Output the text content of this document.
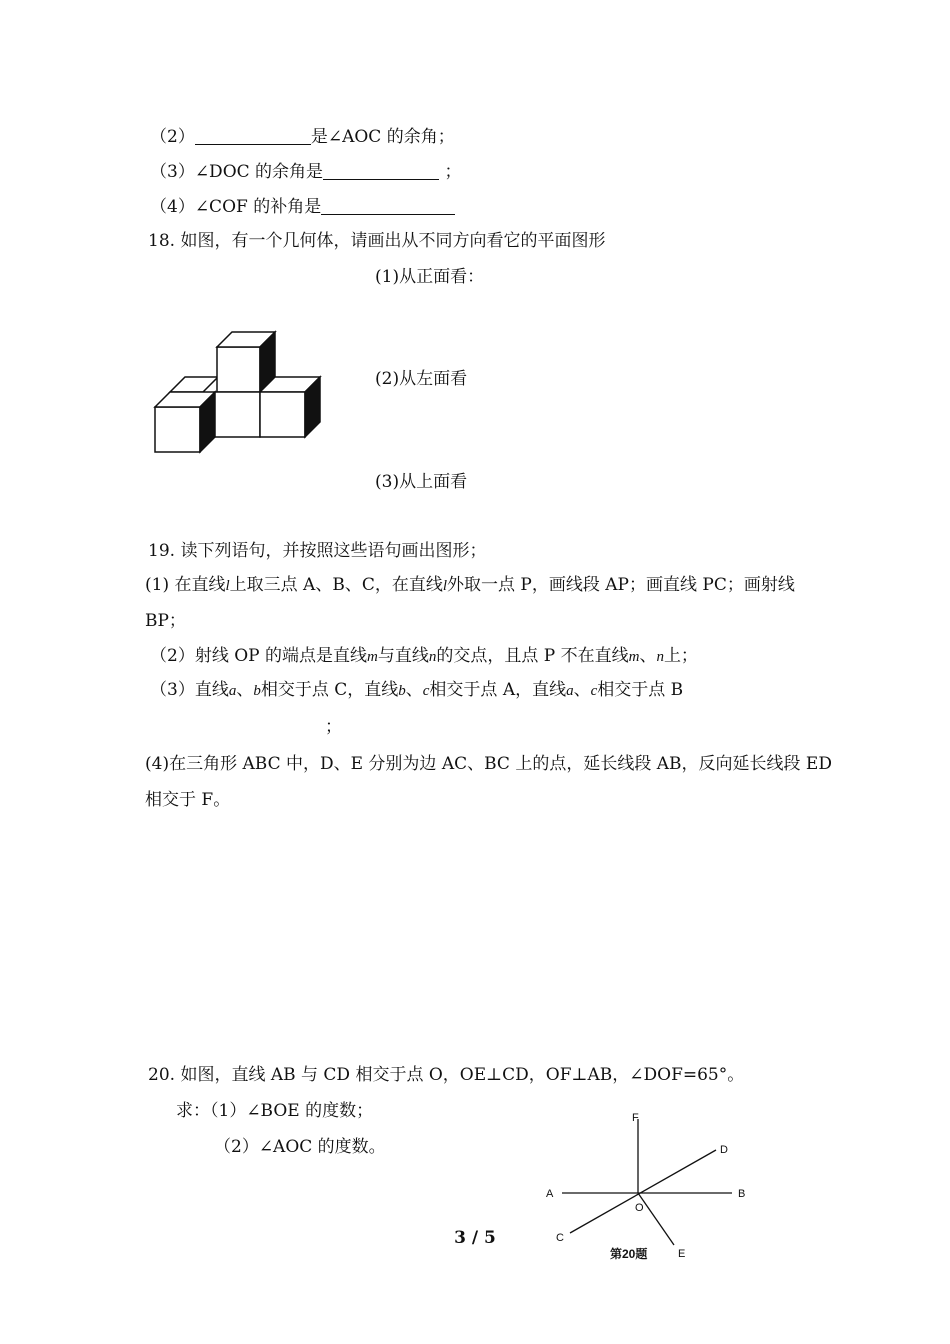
（2）	是∠AOC 的余角；
（3）∠DOC 的余角是	；
（4）∠COF 的补角是
18. 如图，有一个几何体，请画出从不同方向看它的平面图形
(1)从正面看：
(2)从左面看
(3)从上面看
19. 读下列语句，并按照这些语句画出图形；
(1) 在直线l上取三点 A、B、C，在直线l外取一点 P，画线段 AP；画直线 PC；画射线
BP；
（2）射线 OP 的端点是直线m与直线n的交点，且点 P 不在直线m、n上；
（3）直线a、b相交于点 C，直线b、c相交于点 A，直线a、c相交于点 B
；
(4)在三角形 ABC 中，D、E 分别为边 AC、BC 上的点，延长线段 AB，反向延长线段 ED
相交于 F。
20. 如图，直线 AB 与 CD 相交于点 O，OE⊥CD，OF⊥AB，∠DOF=65°。
求：（1）∠BOE 的度数；
（2）∠AOC 的度数。
F
D
A	B
O
C
E
第20题
3 / 5
